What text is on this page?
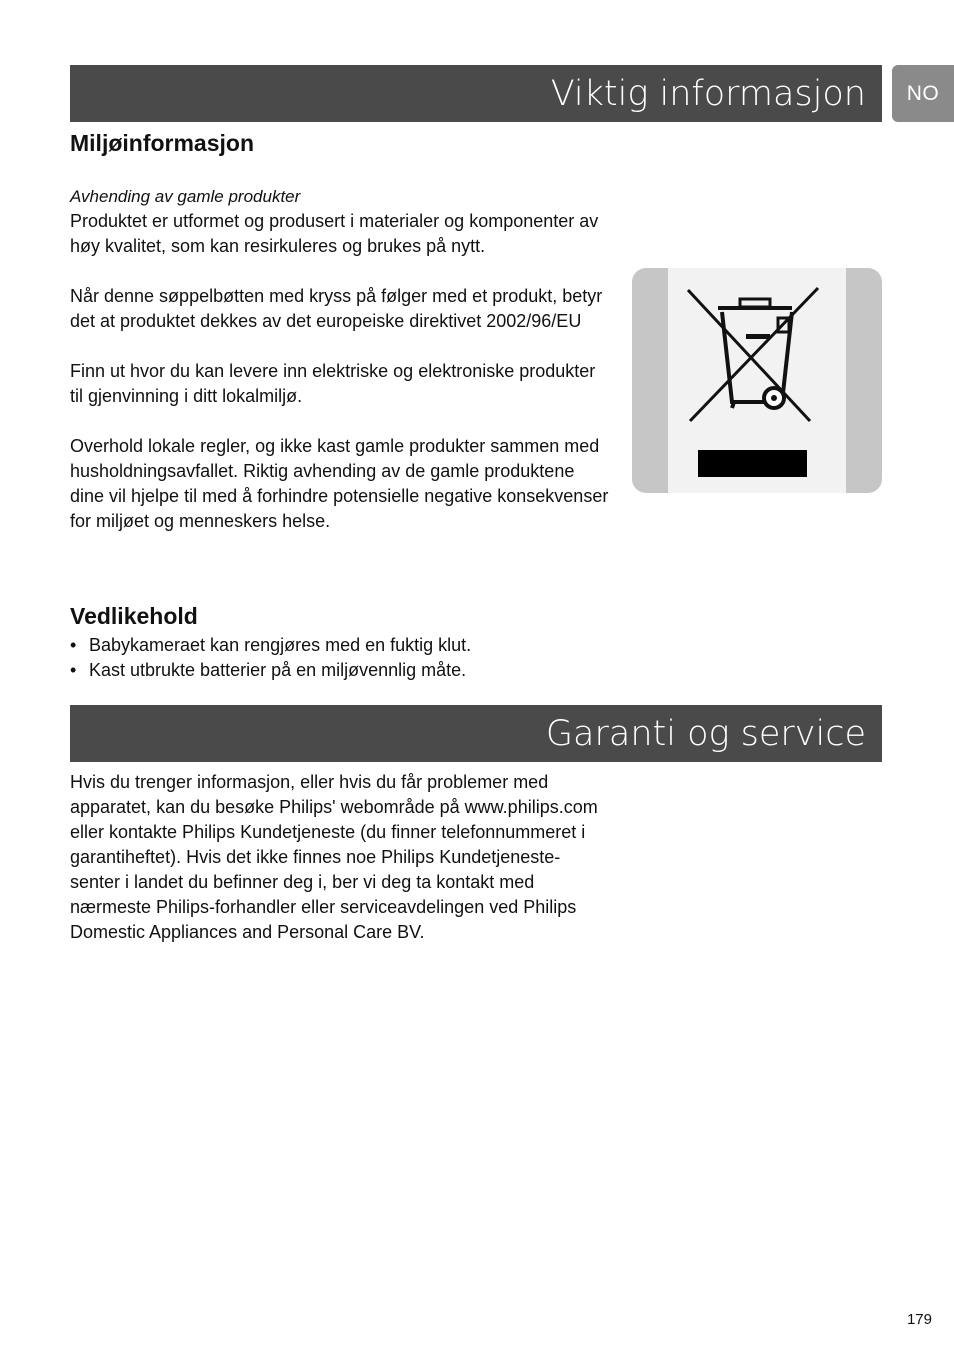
Viktig informasjon	NO
Miljøinformasjon

Avhending av gamle produkter

Produktet er utformet og produsert i materialer og komponenter av høy kvalitet, som kan resirkuleres og brukes på nytt.

Når denne søppelbøtten med kryss på følger med et produkt, betyr det at produktet dekkes av det europeiske direktivet 2002/96/EU

Finn ut hvor du kan levere inn elektriske og elektroniske produkter til gjenvinning i ditt lokalmiljø.

Overhold lokale regler, og ikke kast gamle produkter sammen med husholdningsavfallet. Riktig avhending av de gamle produktene dine vil hjelpe til med å forhindre potensielle negative konsekvenser for miljøet og menneskers helse.

Vedlikehold
• Babykameraet kan rengjøres med en fuktig klut.
• Kast utbrukte batterier på en miljøvennlig måte.
Garanti og service

Hvis du trenger informasjon, eller hvis du får problemer med apparatet, kan du besøke Philips' webområde på www.philips.com eller kontakte Philips Kundetjeneste (du finner telefonnummeret i garantiheftet). Hvis det ikke finnes noe Philips Kundetjeneste-senter i landet du befinner deg i, ber vi deg ta kontakt med nærmeste Philips-forhandler eller serviceavdelingen ved Philips Domestic Appliances and Personal Care BV.

179
